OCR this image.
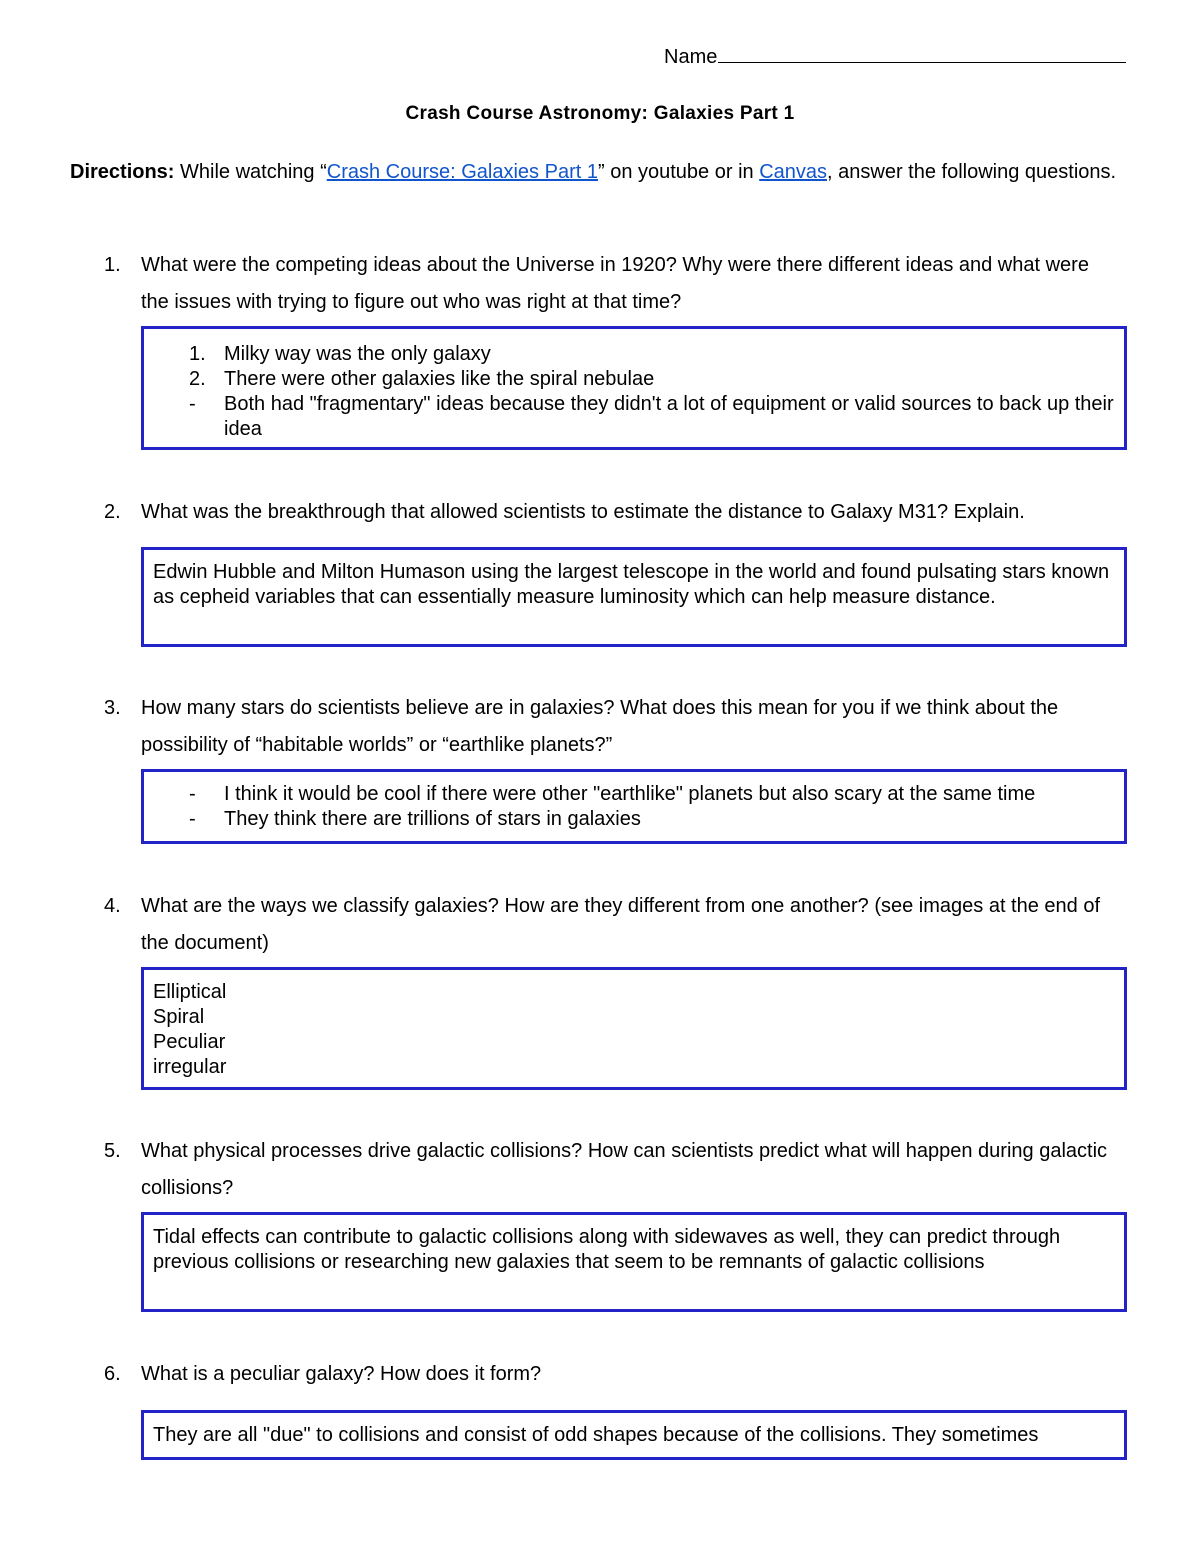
Name
Crash Course Astronomy: Galaxies Part 1
Directions: While watching “Crash Course: Galaxies Part 1” on youtube or in Canvas, answer the following questions.
1.	What were the competing ideas about the Universe in 1920? Why were there different ideas and what were the issues with trying to figure out who was right at that time?
1. Milky way was the only galaxy
2. There were other galaxies like the spiral nebulae
- Both had "fragmentary" ideas because they didn't a lot of equipment or valid sources to back up their idea
2.	What was the breakthrough that allowed scientists to estimate the distance to Galaxy M31? Explain.
Edwin Hubble and Milton Humason using the largest telescope in the world and found pulsating stars known as cepheid variables that can essentially measure luminosity which can help measure distance.
3.	How many stars do scientists believe are in galaxies? What does this mean for you if we think about the possibility of “habitable worlds” or “earthlike planets?”
- I think it would be cool if there were other "earthlike" planets but also scary at the same time
- They think there are trillions of stars in galaxies
4.	What are the ways we classify galaxies? How are they different from one another? (see images at the end of the document)
Elliptical
Spiral
Peculiar
irregular
5.	What physical processes drive galactic collisions? How can scientists predict what will happen during galactic collisions?
Tidal effects can contribute to galactic collisions along with sidewaves as well, they can predict through previous collisions or researching new galaxies that seem to be remnants of galactic collisions
6.	What is a peculiar galaxy? How does it form?
They are all "due" to collisions and consist of odd shapes because of the collisions. They sometimes
